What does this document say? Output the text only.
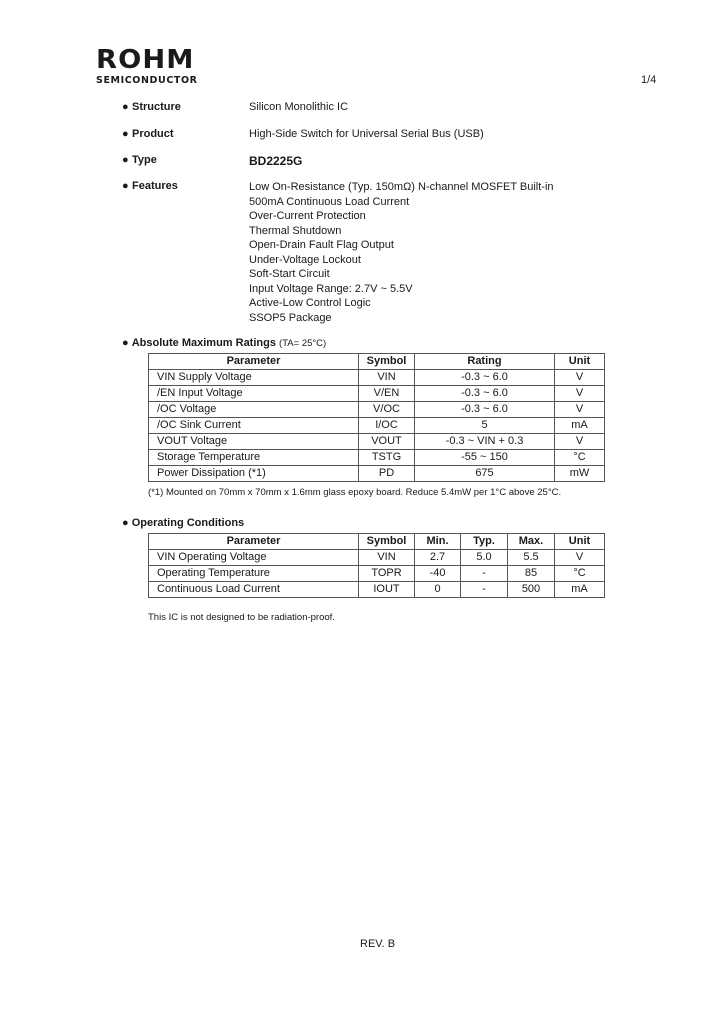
ROHM
SEMICONDUCTOR	1/4
● Structure	Silicon Monolithic IC
● Product	High-Side Switch for Universal Serial Bus (USB)
● Type	BD2225G
● Features	Low On-Resistance (Typ. 150mΩ) N-channel MOSFET Built-in
500mA Continuous Load Current
Over-Current Protection
Thermal Shutdown
Open-Drain Fault Flag Output
Under-Voltage Lockout
Soft-Start Circuit
Input Voltage Range: 2.7V ~ 5.5V
Active-Low Control Logic
SSOP5 Package
● Absolute Maximum Ratings (TA= 25°C)
Parameter	Symbol	Rating	Unit
VIN Supply Voltage	VIN	-0.3 ~ 6.0	V
/EN Input Voltage	V/EN	-0.3 ~ 6.0	V
/OC Voltage	V/OC	-0.3 ~ 6.0	V
/OC Sink Current	I/OC	5	mA
VOUT Voltage	VOUT	-0.3 ~ VIN + 0.3	V
Storage Temperature	TSTG	-55 ~ 150	°C
Power Dissipation (*1)	PD	675	mW
(*1) Mounted on 70mm x 70mm x 1.6mm glass epoxy board. Reduce 5.4mW per 1°C above 25°C.
● Operating Conditions
Parameter	Symbol	Min.	Typ.	Max.	Unit
VIN Operating Voltage	VIN	2.7	5.0	5.5	V
Operating Temperature	TOPR	-40	-	85	°C
Continuous Load Current	IOUT	0	-	500	mA
This IC is not designed to be radiation-proof.
REV. B
